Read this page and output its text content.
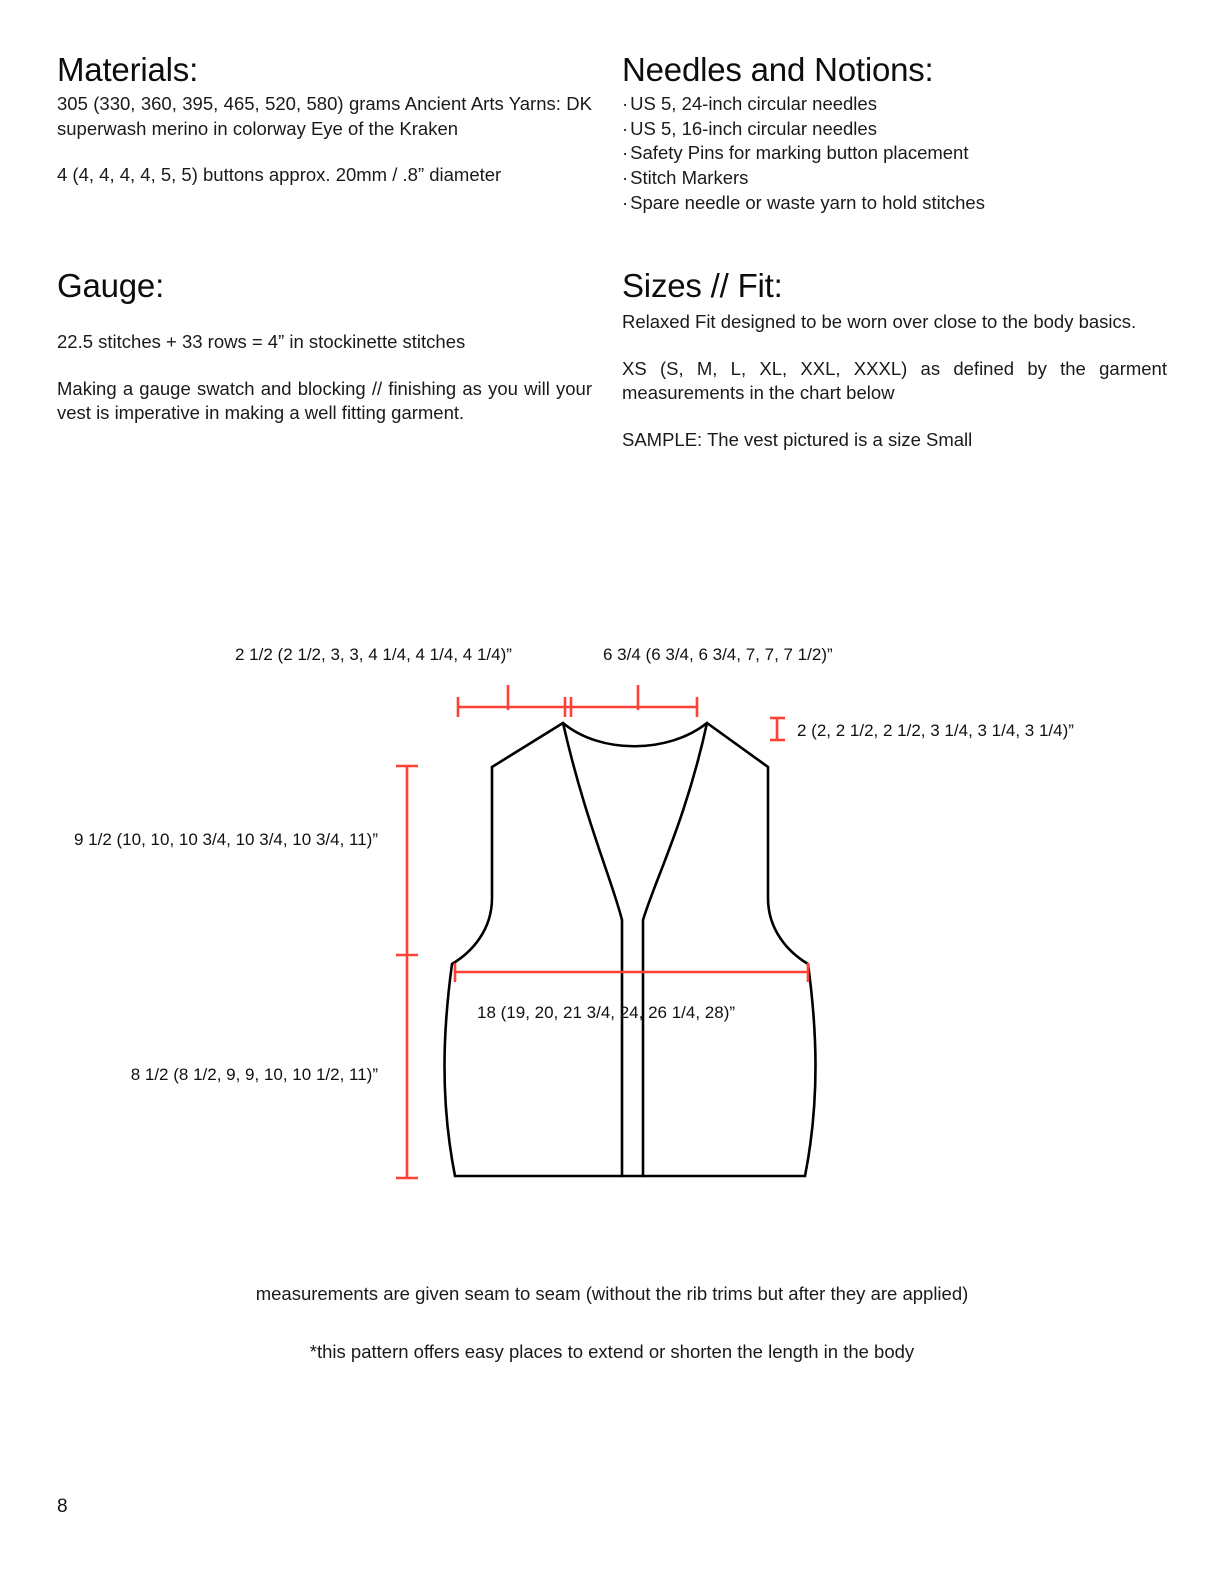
Materials:

305 (330, 360, 395, 465, 520, 580) grams Ancient Arts Yarns: DK superwash merino in colorway Eye of the Kraken

4 (4, 4, 4, 4, 5, 5) buttons approx. 20mm / .8” diameter

Needles and Notions:
· US 5, 24-inch circular needles
· US 5, 16-inch circular needles
· Safety Pins for marking button placement
· Stitch Markers
· Spare needle or waste yarn to hold stitches
Gauge:

22.5 stitches + 33 rows = 4” in stockinette stitches

Making a gauge swatch and blocking // finishing as you will your vest is imperative in making a well fitting garment.

Sizes // Fit:

Relaxed Fit designed to be worn over close to the body basics.

XS (S, M, L, XL, XXL, XXXL) as defined by the garment measurements in the chart below

SAMPLE: The vest pictured is a size Small

2 1/2 (2 1/2, 3, 3, 4 1/4, 4 1/4, 4 1/4)”	6 3/4 (6 3/4, 6 3/4, 7, 7, 7 1/2)”
2 (2, 2 1/2, 2 1/2, 3 1/4, 3 1/4, 3 1/4)”
9 1/2 (10, 10, 10 3/4, 10 3/4, 10 3/4, 11)”
8 1/2 (8 1/2, 9, 9, 10, 10 1/2, 11)”
18 (19, 20, 21 3/4, 24, 26 1/4, 28)”

measurements are given seam to seam (without the rib trims but after they are applied)

*this pattern offers easy places to extend or shorten the length in the body

8
